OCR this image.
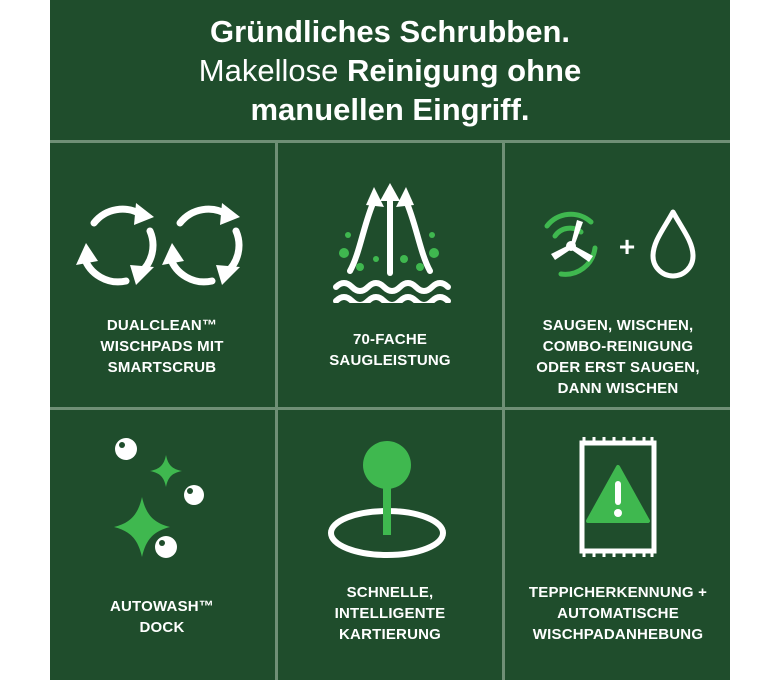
Gründliches Schrubben.
Makellose Reinigung ohne
manuellen Eingriff.
DUALCLEAN™
WISCHPADS MIT
SMARTSCRUB
70-FACHE
SAUGLEISTUNG
+
SAUGEN, WISCHEN,
COMBO-REINIGUNG
ODER ERST SAUGEN,
DANN WISCHEN
AUTOWASH™
DOCK
SCHNELLE,
INTELLIGENTE
KARTIERUNG
TEPPICHERKENNUNG +
AUTOMATISCHE
WISCHPADANHEBUNG
